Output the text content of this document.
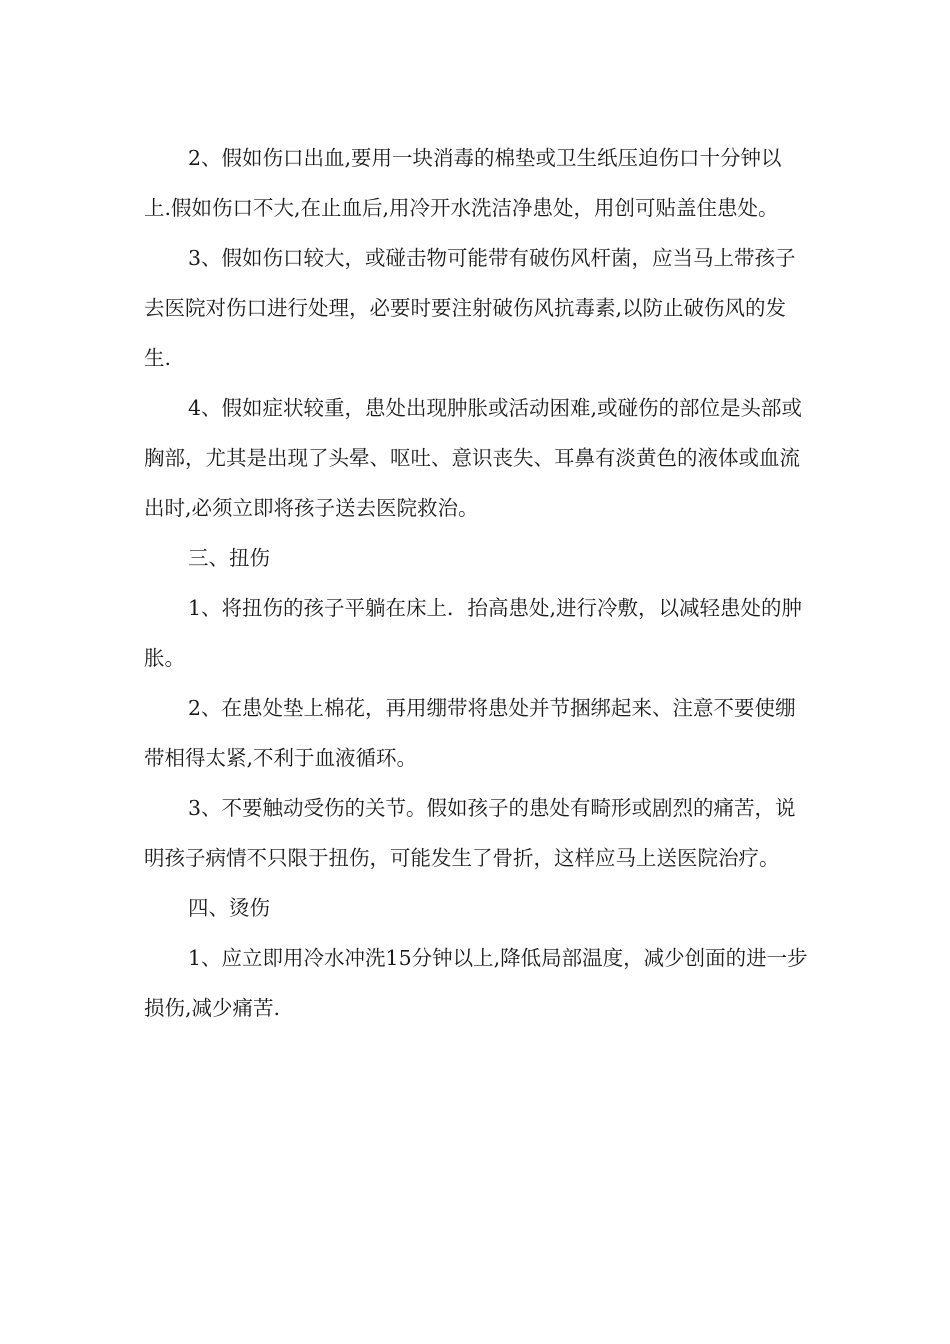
2、假如伤口出血,要用一块消毒的棉垫或卫生纸压迫伤口十分钟以上.假如伤口不大,在止血后,用冷开水洗洁净患处，用创可贴盖住患处。

3、假如伤口较大，或碰击物可能带有破伤风杆菌，应当马上带孩子去医院对伤口进行处理，必要时要注射破伤风抗毒素,以防止破伤风的发生.

4、假如症状较重，患处出现肿胀或活动困难,或碰伤的部位是头部或胸部，尤其是出现了头晕、呕吐、意识丧失、耳鼻有淡黄色的液体或血流出时,必须立即将孩子送去医院救治。

三、扭伤

1、将扭伤的孩子平躺在床上．抬高患处,进行冷敷，以减轻患处的肿胀。

2、在患处垫上棉花，再用绷带将患处并节捆绑起来、注意不要使绷带相得太紧,不利于血液循环。

3、不要触动受伤的关节。假如孩子的患处有畸形或剧烈的痛苦，说明孩子病情不只限于扭伤，可能发生了骨折，这样应马上送医院治疗。

四、烫伤

1、应立即用冷水冲洗15分钟以上,降低局部温度，减少创面的进一步损伤,减少痛苦.
